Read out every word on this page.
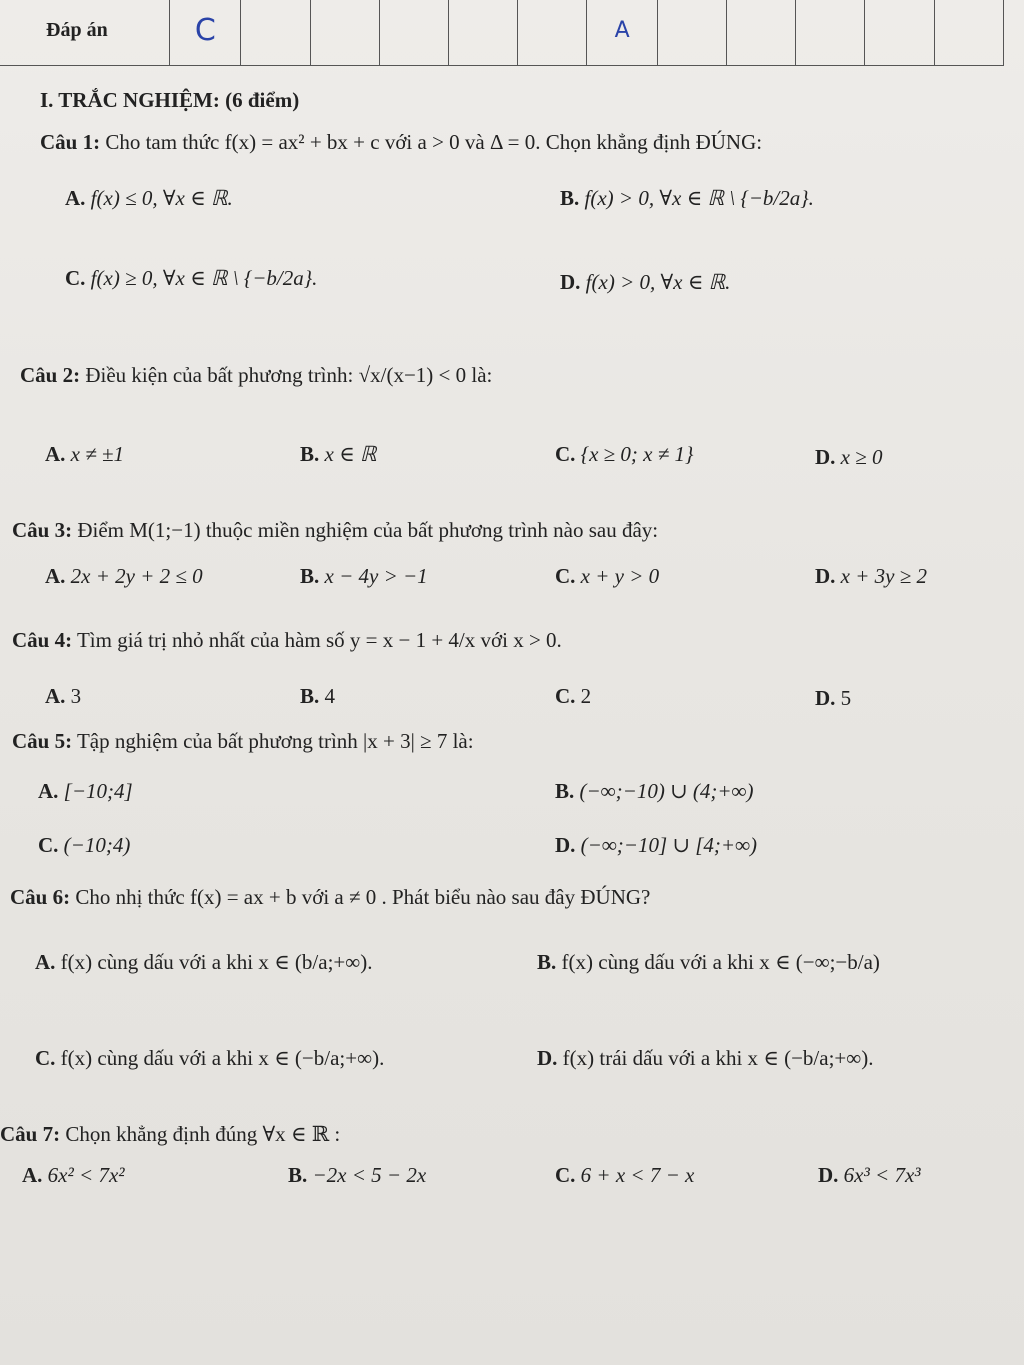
Đáp án	C						A					
I. TRẮC NGHIỆM: (6 điểm)
Câu 1: Cho tam thức f(x) = ax² + bx + c với a > 0 và Δ = 0. Chọn khẳng định ĐÚNG:
A. f(x) ≤ 0, ∀x ∈ ℝ.	B. f(x) > 0, ∀x ∈ ℝ \ {−b/2a}.
C. f(x) ≥ 0, ∀x ∈ ℝ \ {−b/2a}.	D. f(x) > 0, ∀x ∈ ℝ.
Câu 2: Điều kiện của bất phương trình: √x/(x−1) < 0 là:
A. x ≠ ±1	B. x ∈ ℝ	C. {x ≥ 0; x ≠ 1}	D. x ≥ 0
Câu 3: Điểm M(1;−1) thuộc miền nghiệm của bất phương trình nào sau đây:
A. 2x + 2y + 2 ≤ 0	B. x − 4y > −1	C. x + y > 0	D. x + 3y ≥ 2
Câu 4: Tìm giá trị nhỏ nhất của hàm số y = x − 1 + 4/x với x > 0.
A. 3	B. 4	C. 2	D. 5
Câu 5: Tập nghiệm của bất phương trình |x + 3| ≥ 7 là:
A. [−10;4]	B. (−∞;−10) ∪ (4;+∞)
C. (−10;4)	D. (−∞;−10] ∪ [4;+∞)
Câu 6: Cho nhị thức f(x) = ax + b với a ≠ 0 . Phát biểu nào sau đây ĐÚNG?
A. f(x) cùng dấu với a khi x ∈ (b/a;+∞).	B. f(x) cùng dấu với a khi x ∈ (−∞;−b/a)
C. f(x) cùng dấu với a khi x ∈ (−b/a;+∞).	D. f(x) trái dấu với a khi x ∈ (−b/a;+∞).
Câu 7: Chọn khẳng định đúng ∀x ∈ ℝ :
A. 6x² < 7x²	B. −2x < 5 − 2x	C. 6 + x < 7 − x	D. 6x³ < 7x³
